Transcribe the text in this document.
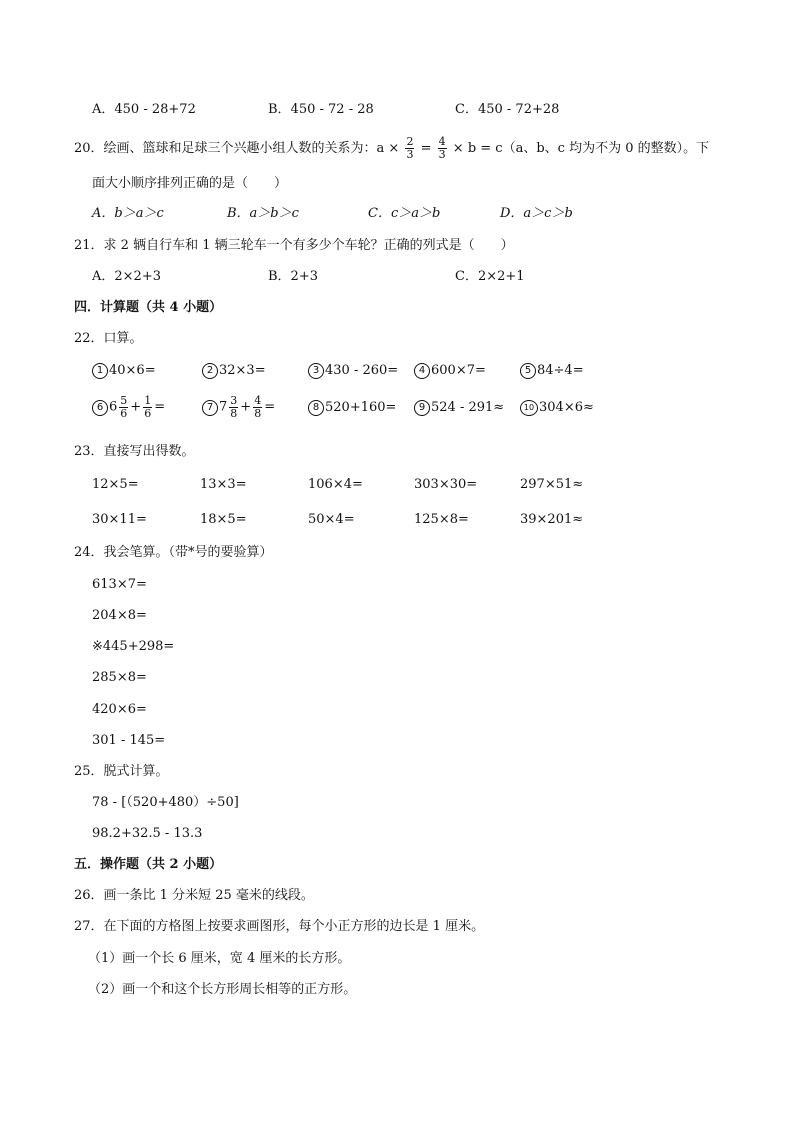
A．450 - 28+72	B．450 - 72 - 28	C．450 - 72+28
20．绘画、篮球和足球三个兴趣小组人数的关系为：$a \times \frac{2}{3} = \frac{4}{3} \times b = c(a$、b、c 均为不为 0 的整数）。下
面大小顺序排列正确的是（　　）
A．b＞a＞c	B．a＞b＞c	C．c＞a＞b	D．a＞c＞b
21．求 2 辆自行车和 1 辆三轮车一个有多少个车轮？正确的列式是（　　）
A．2×2+3	B．2+3	C．2×2+1
四．计算题（共 4 小题）
22．口算。
1 40×6=	2 32×3=	3 430 - 260=	4 600×7=	5 84÷4=
6 $6 \frac{5}{6} + \frac{1}{6}$ =	7 $7 \frac{3}{8} + \frac{4}{8}$ =	8 520+160=	9 524 - 291≈	10 304×6≈
23．直接写出得数。
12×5=	13×3=	106×4=	303×30=	297×51≈
30×11=	18×5=	50×4=	125×8=	39×201≈
24．我会笔算。（带*号的要验算）
613×7=
204×8=
※445+298=
285×8=
420×6=
301 - 145=
25．脱式计算。
78 - [（520+480）÷50]
98.2+32.5 - 13.3
五．操作题（共 2 小题）
26．画一条比 1 分米短 25 毫米的线段。
27．在下面的方格图上按要求画图形，每个小正方形的边长是 1 厘米。
（1）画一个长 6 厘米，宽 4 厘米的长方形。
（2）画一个和这个长方形周长相等的正方形。
